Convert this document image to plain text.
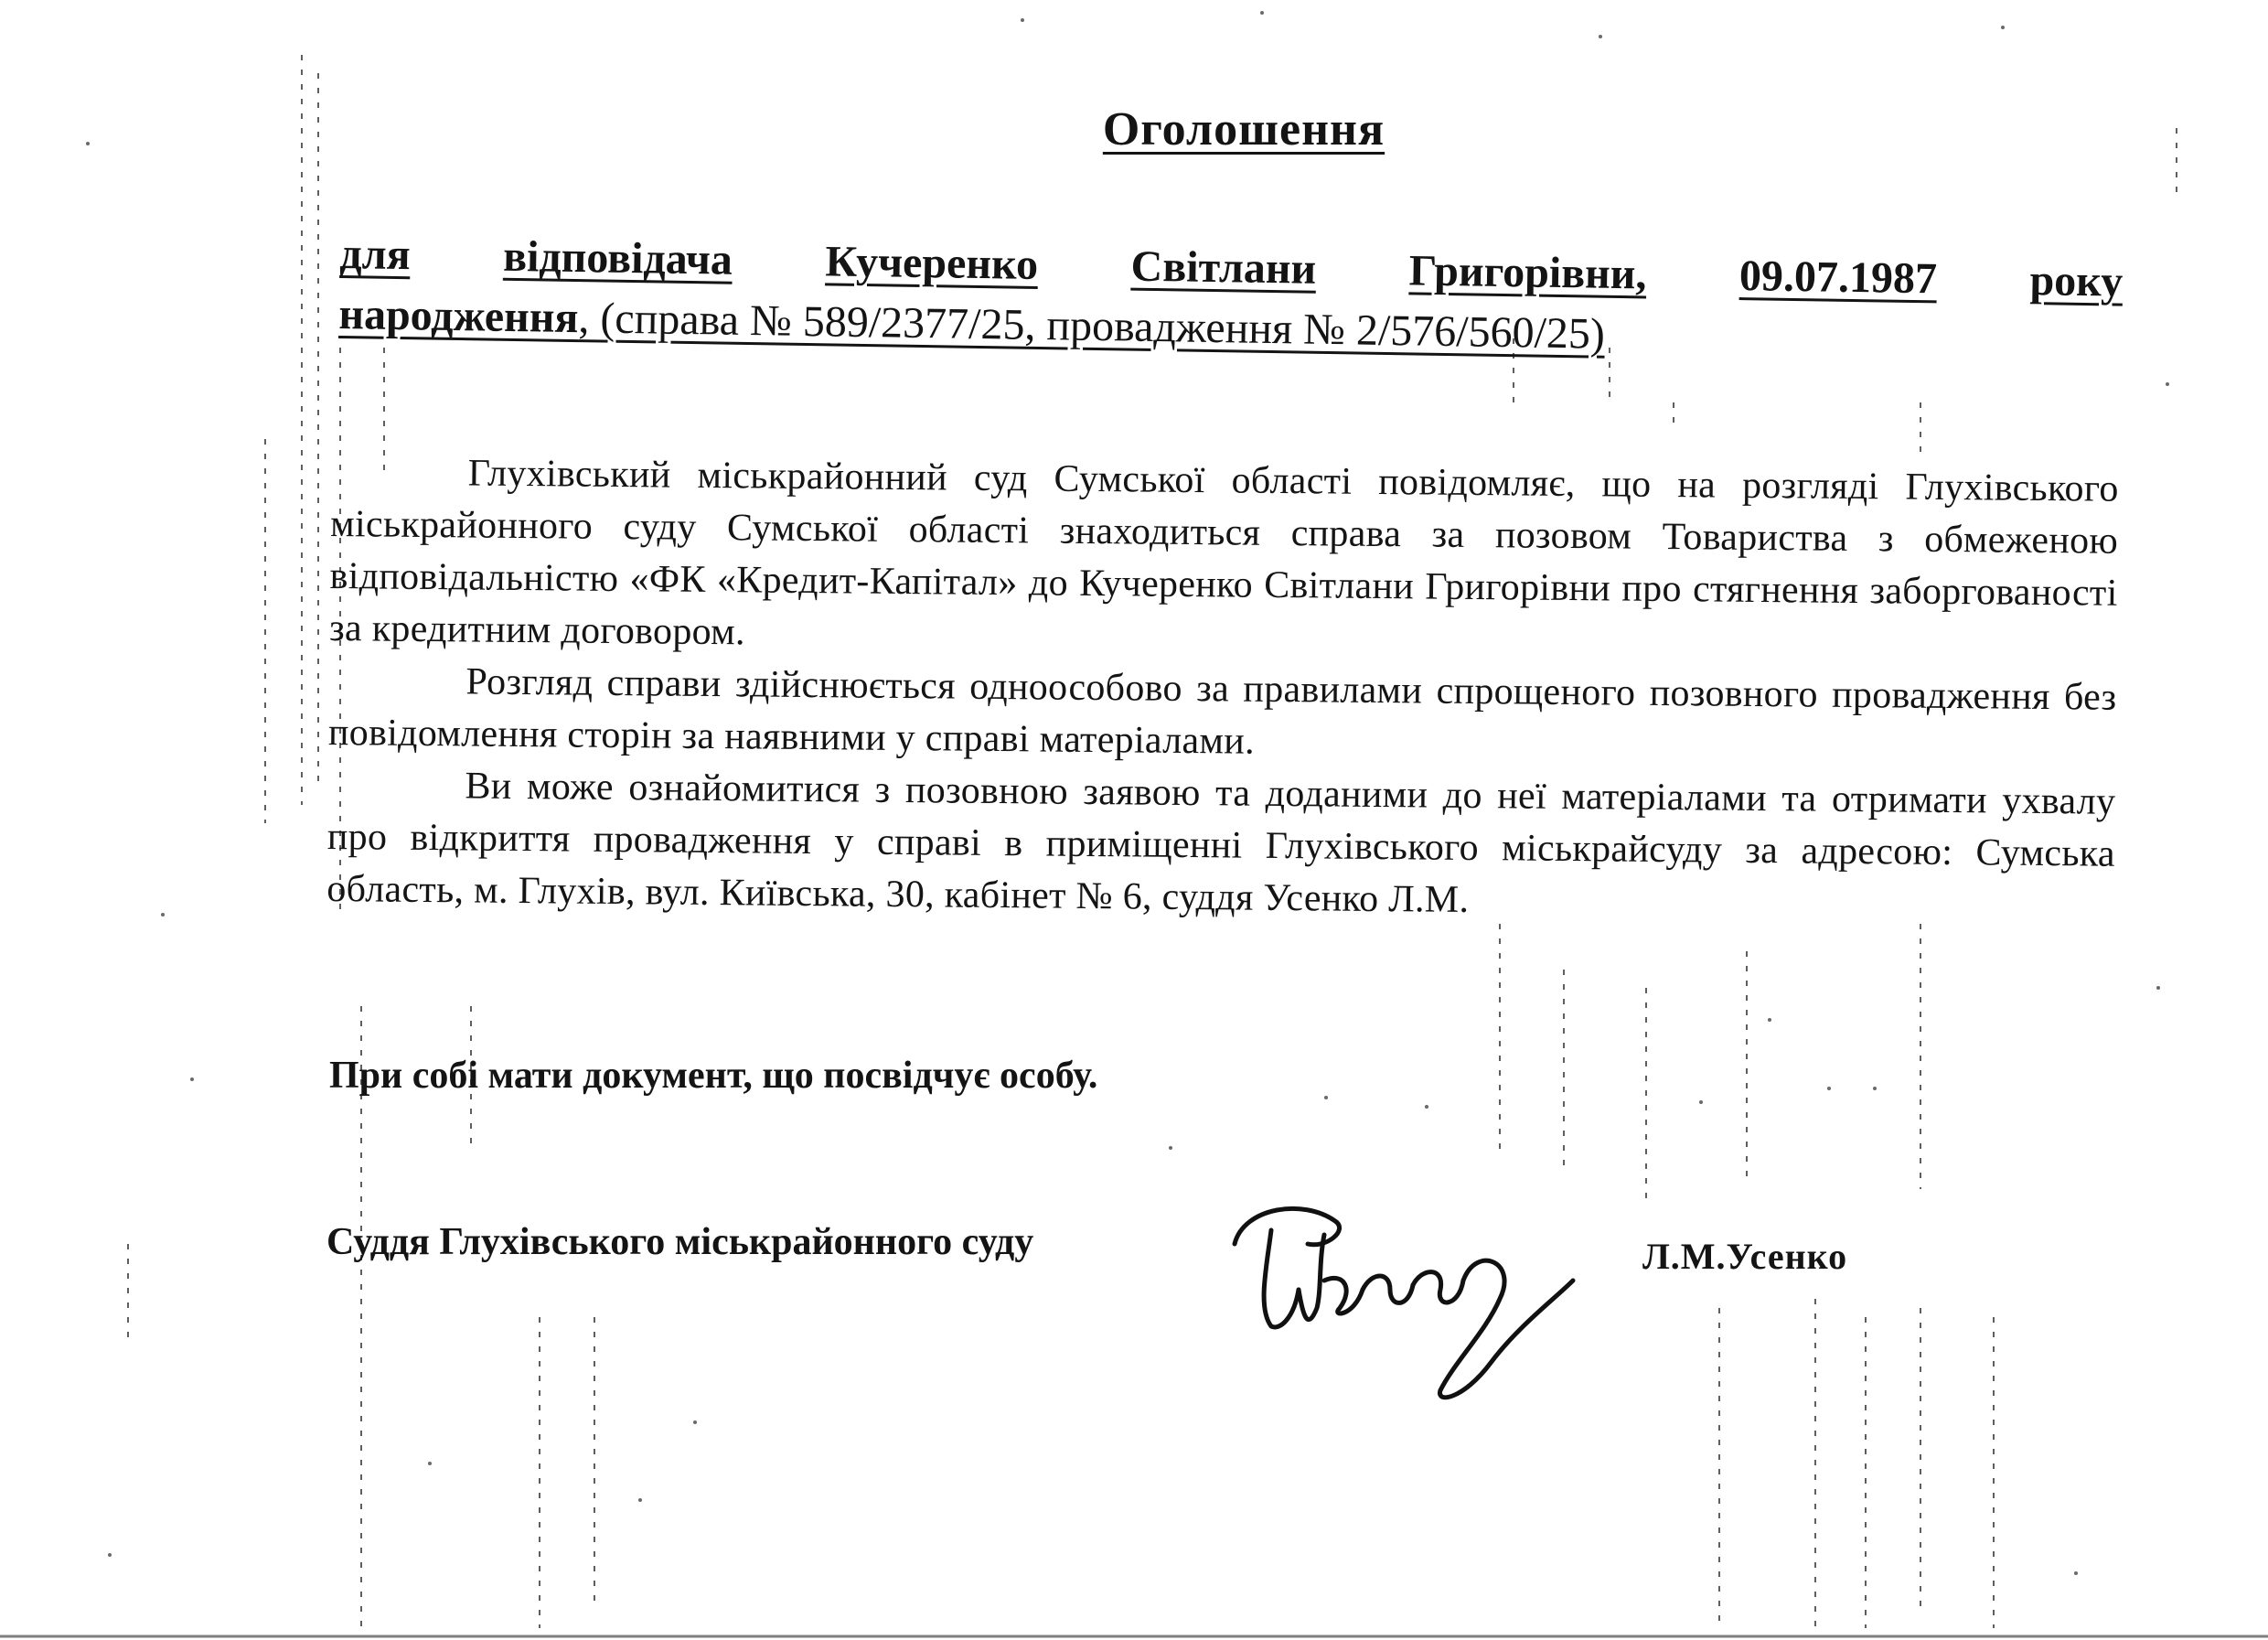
Оголошення
для відповідача Кучеренко Світлани Григорівни, 09.07.1987 року
народження, (справа № 589/2377/25, провадження № 2/576/560/25)

Глухівський міськрайонний суд Сумської області повідомляє, що на розгляді Глухівського міськрайонного суду Сумської області знаходиться справа за позовом Товариства з обмеженою відповідальністю «ФК «Кредит-Капітал» до Кучеренко Світлани Григорівни про стягнення заборгованості за кредитним договором.

Розгляд справи здійснюється одноособово за правилами спрощеного позовного провадження без повідомлення сторін за наявними у справі матеріалами.

Ви може ознайомитися з позовною заявою та доданими до неї матеріалами та отримати ухвалу про відкриття провадження у справі в приміщенні Глухівського міськрайсуду за адресою: Сумська область, м. Глухів, вул. Київська, 30, кабінет № 6, суддя Усенко Л.М.

При собі мати документ, що посвідчує особу.
Суддя Глухівського міськрайонного суду	Л.М.Усенко
